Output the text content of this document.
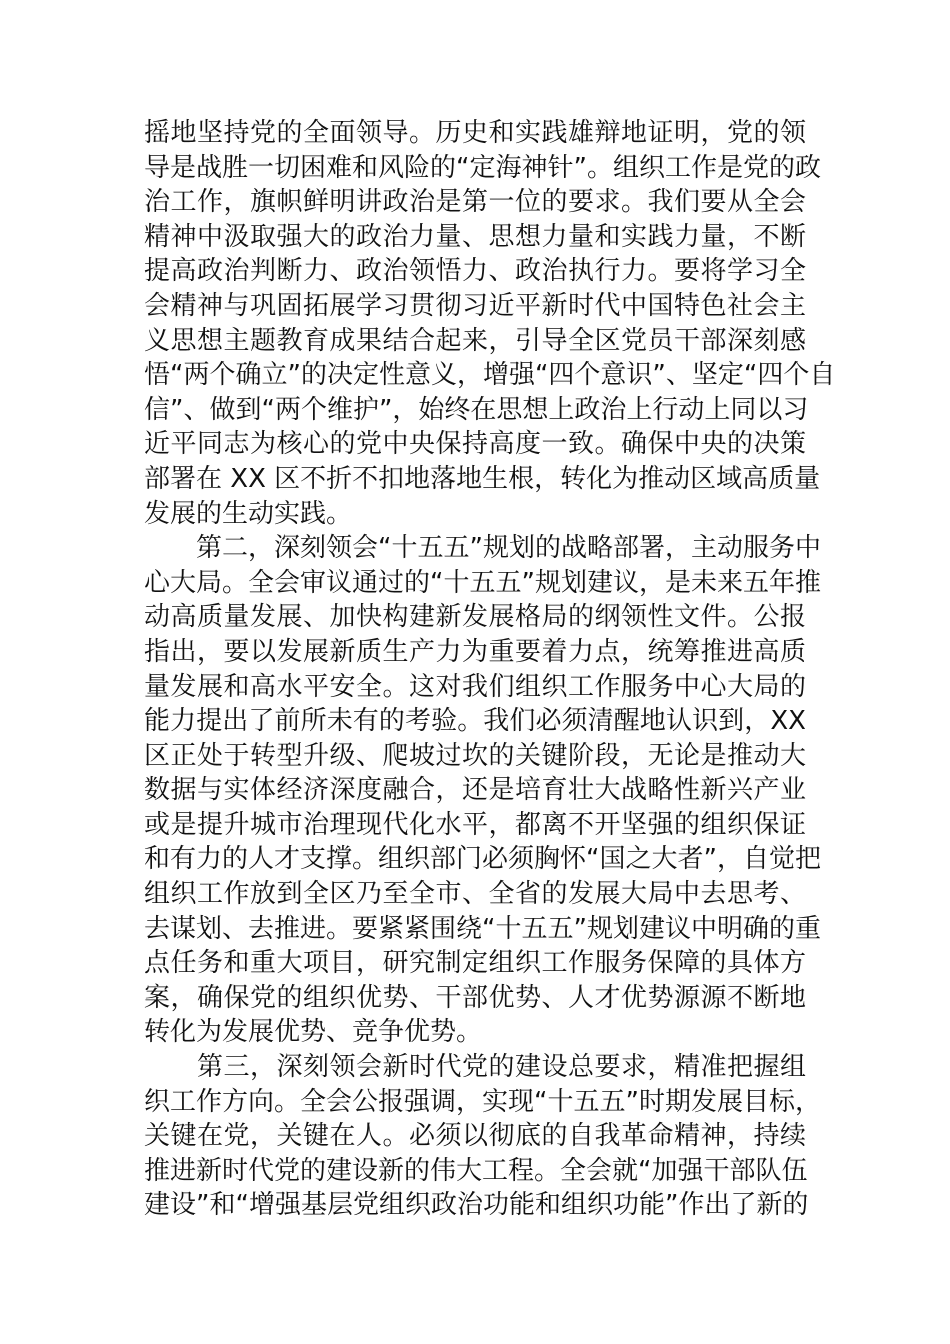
摇地坚持党的全面领导。历史和实践雄辩地证明，党的领
导是战胜一切困难和风险的“定海神针”。组织工作是党的政
治工作，旗帜鲜明讲政治是第一位的要求。我们要从全会
精神中汲取强大的政治力量、思想力量和实践力量，不断
提高政治判断力、政治领悟力、政治执行力。要将学习全
会精神与巩固拓展学习贯彻习近平新时代中国特色社会主
义思想主题教育成果结合起来，引导全区党员干部深刻感
悟“两个确立”的决定性意义，增强“四个意识”、坚定“四个自
信”、做到“两个维护”，始终在思想上政治上行动上同以习
近平同志为核心的党中央保持高度一致。确保中央的决策
部署在 XX 区不折不扣地落地生根，转化为推动区域高质量
发展的生动实践。
　　第二，深刻领会“十五五”规划的战略部署，主动服务中
心大局。全会审议通过的“十五五”规划建议，是未来五年推
动高质量发展、加快构建新发展格局的纲领性文件。公报
指出，要以发展新质生产力为重要着力点，统筹推进高质
量发展和高水平安全。这对我们组织工作服务中心大局的
能力提出了前所未有的考验。我们必须清醒地认识到，XX
区正处于转型升级、爬坡过坎的关键阶段，无论是推动大
数据与实体经济深度融合，还是培育壮大战略性新兴产业
或是提升城市治理现代化水平，都离不开坚强的组织保证
和有力的人才支撑。组织部门必须胸怀“国之大者”，自觉把
组织工作放到全区乃至全市、全省的发展大局中去思考、
去谋划、去推进。要紧紧围绕“十五五”规划建议中明确的重
点任务和重大项目，研究制定组织工作服务保障的具体方
案，确保党的组织优势、干部优势、人才优势源源不断地
转化为发展优势、竞争优势。
　　第三，深刻领会新时代党的建设总要求，精准把握组
织工作方向。全会公报强调，实现“十五五”时期发展目标，
关键在党，关键在人。必须以彻底的自我革命精神，持续
推进新时代党的建设新的伟大工程。全会就“加强干部队伍
建设”和“增强基层党组织政治功能和组织功能”作出了新的
